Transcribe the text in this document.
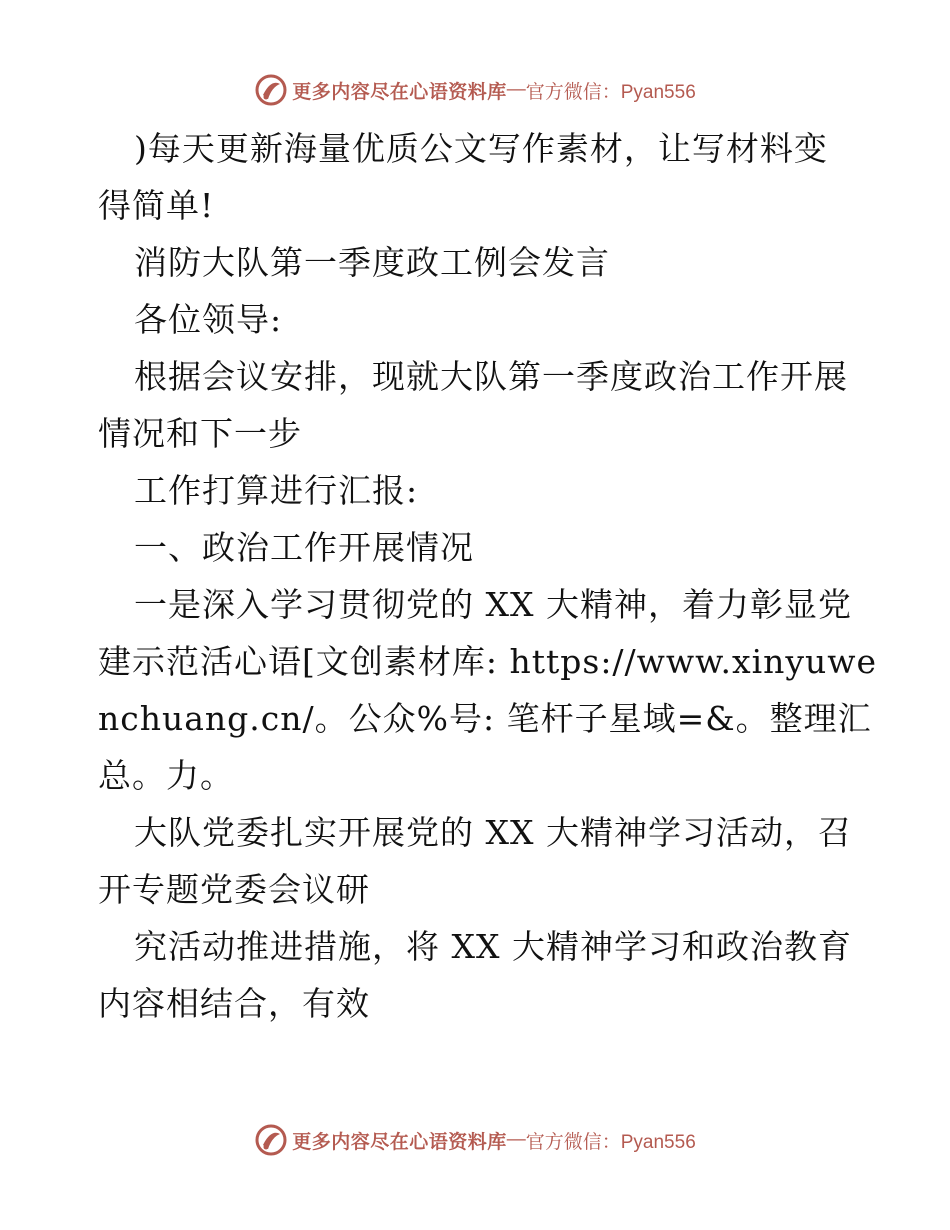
更多内容尽在心语资料库 — 官方微信：Pyan556
)每天更新海量优质公文写作素材，让写材料变
得简单!
消防大队第一季度政工例会发言
各位领导:
根据会议安排，现就大队第一季度政治工作开展
情况和下一步
工作打算进行汇报:
一、政治工作开展情况
一是深入学习贯彻党的 XX 大精神，着力彰显党
建示范活心语[文创素材库: https://www.xinyuwe
nchuang.cn/。公众%号: 笔杆子星域=&。整理汇
总。力。
大队党委扎实开展党的 XX 大精神学习活动，召
开专题党委会议研
究活动推进措施，将 XX 大精神学习和政治教育
内容相结合，有效
更多内容尽在心语资料库 — 官方微信：Pyan556
